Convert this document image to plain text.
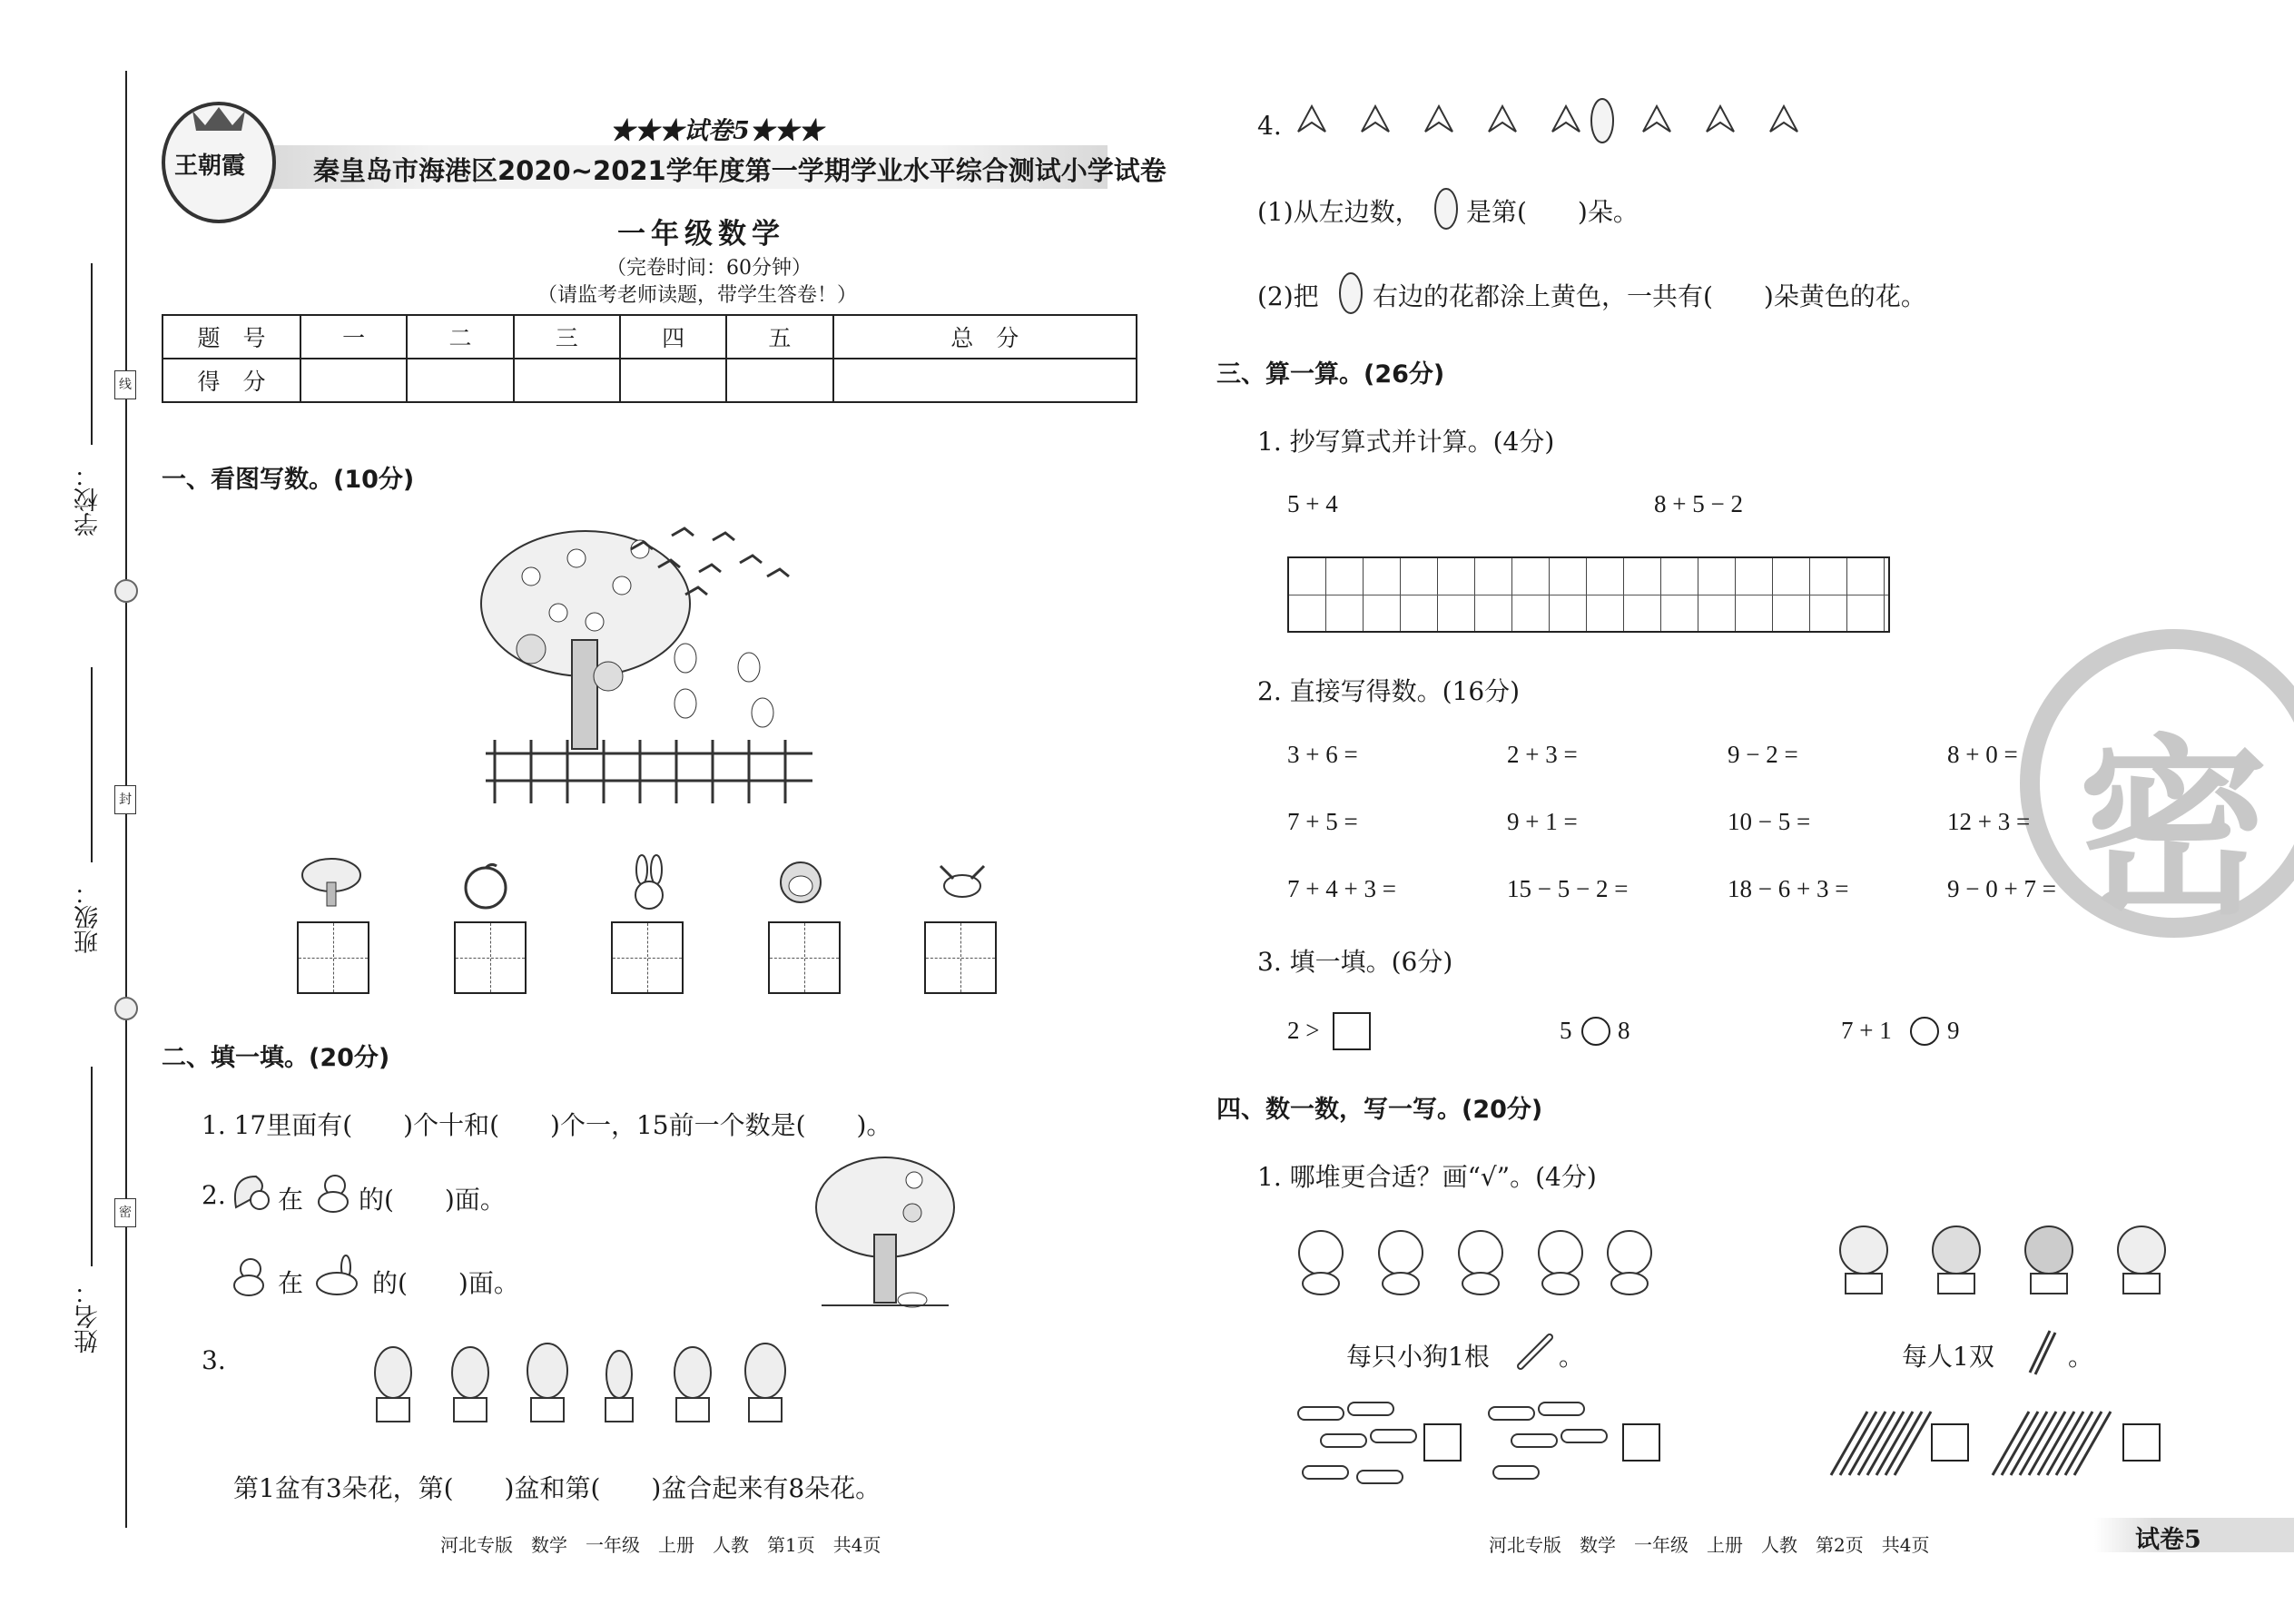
学校：
班级：
姓名：
线
封
密
王朝霞
★★★试卷5★★★
秦皇岛市海港区2020~2021学年度第一学期学业水平综合测试小学试卷
一年级数学
（完卷时间：60分钟）
（请监考老师读题，带学生答卷！）
题　号	一	二	三	四	五	总　分
得　分						
一、看图写数。(10分)
二、填一填。(20分)
1. 17里面有(　　)个十和(　　)个一，15前一个数是(　　)。
2. 在 的(　　)面。
在	的(　　)面。
3.
第1盆有3朵花，第(　　)盆和第(　　)盆合起来有8朵花。
河北专版　数学　一年级　上册　人教　第1页　共4页
密
4.
(1)从左边数， 是第(　　)朵。
(2)把 右边的花都涂上黄色，一共有(　　)朵黄色的花。
三、算一算。(26分)
1. 抄写算式并计算。(4分)
5 + 4	8 + 5 − 2
2. 直接写得数。(16分)
3 + 6 =	2 + 3 =	9 − 2 =	8 + 0 =
7 + 5 =	9 + 1 =	10 − 5 =	12 + 3 =
7 + 4 + 3 =	15 − 5 − 2 =	18 − 6 + 3 =	9 − 0 + 7 =
3. 填一填。(6分)
2 >	5 8	7 + 1 9
四、数一数，写一写。(20分)
1. 哪堆更合适？画“√”。(4分)
每只小狗1根	。	每人1双	。
河北专版　数学　一年级　上册　人教　第2页　共4页	试卷5
